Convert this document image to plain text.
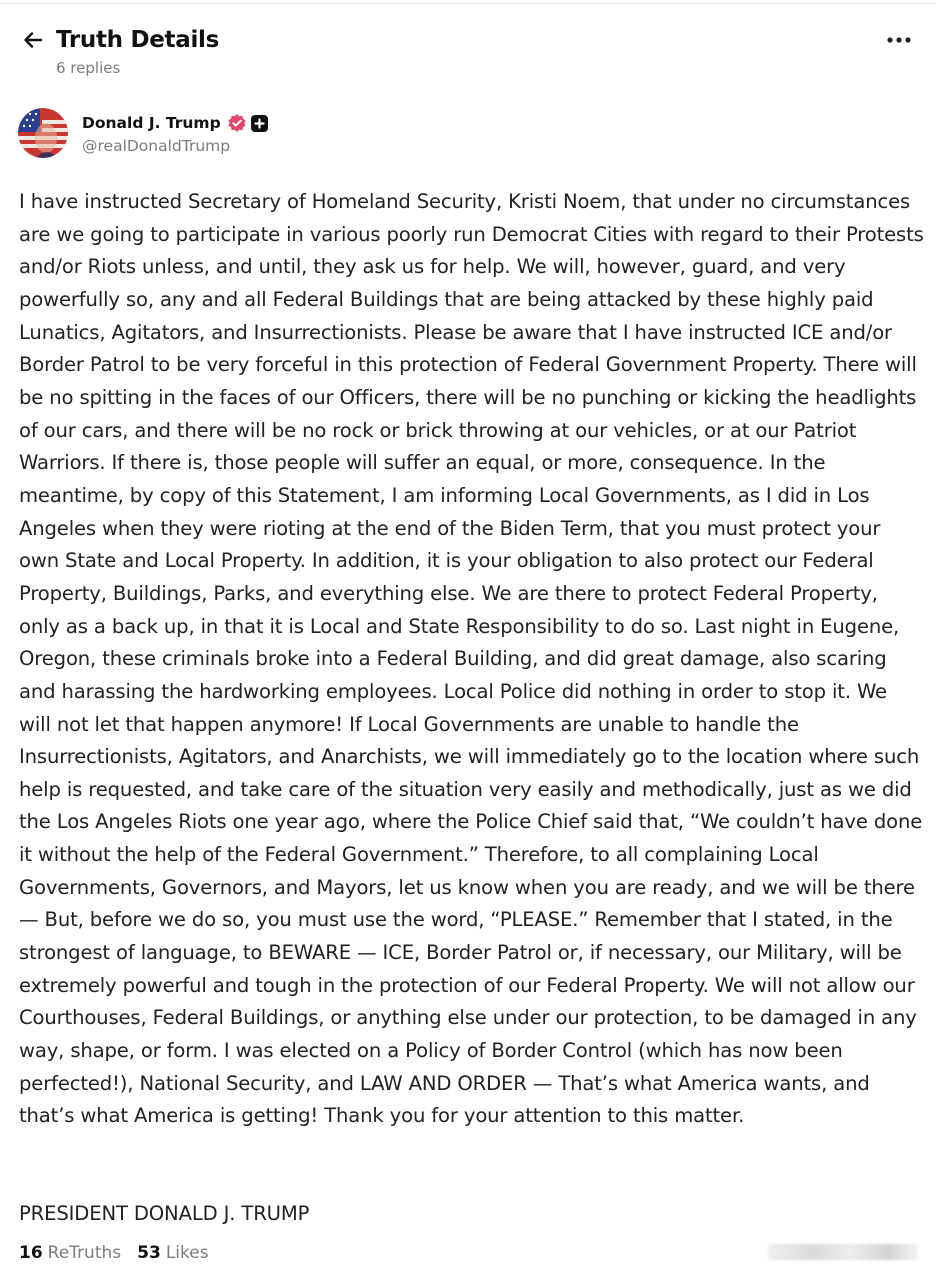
Truth Details
6 replies
Donald J. Trump
@realDonaldTrump
I have instructed Secretary of Homeland Security, Kristi Noem, that under no circumstances are we going to participate in various poorly run Democrat Cities with regard to their Protests and/or Riots unless, and until, they ask us for help. We will, however, guard, and very powerfully so, any and all Federal Buildings that are being attacked by these highly paid Lunatics, Agitators, and Insurrectionists. Please be aware that I have instructed ICE and/or Border Patrol to be very forceful in this protection of Federal Government Property. There will be no spitting in the faces of our Officers, there will be no punching or kicking the headlights of our cars, and there will be no rock or brick throwing at our vehicles, or at our Patriot Warriors. If there is, those people will suffer an equal, or more, consequence. In the meantime, by copy of this Statement, I am informing Local Governments, as I did in Los Angeles when they were rioting at the end of the Biden Term, that you must protect your own State and Local Property. In addition, it is your obligation to also protect our Federal Property, Buildings, Parks, and everything else. We are there to protect Federal Property, only as a back up, in that it is Local and State Responsibility to do so. Last night in Eugene, Oregon, these criminals broke into a Federal Building, and did great damage, also scaring and harassing the hardworking employees. Local Police did nothing in order to stop it. We will not let that happen anymore! If Local Governments are unable to handle the Insurrectionists, Agitators, and Anarchists, we will immediately go to the location where such help is requested, and take care of the situation very easily and methodically, just as we did the Los Angeles Riots one year ago, where the Police Chief said that, “We couldn’t have done it without the help of the Federal Government.” Therefore, to all complaining Local Governments, Governors, and Mayors, let us know when you are ready, and we will be there — But, before we do so, you must use the word, “PLEASE.” Remember that I stated, in the strongest of language, to BEWARE — ICE, Border Patrol or, if necessary, our Military, will be extremely powerful and tough in the protection of our Federal Property. We will not allow our Courthouses, Federal Buildings, or anything else under our protection, to be damaged in any way, shape, or form. I was elected on a Policy of Border Control (which has now been perfected!), National Security, and LAW AND ORDER — That’s what America wants, and that’s what America is getting! Thank you for your attention to this matter.
PRESIDENT DONALD J. TRUMP
16 ReTruths 53 Likes
